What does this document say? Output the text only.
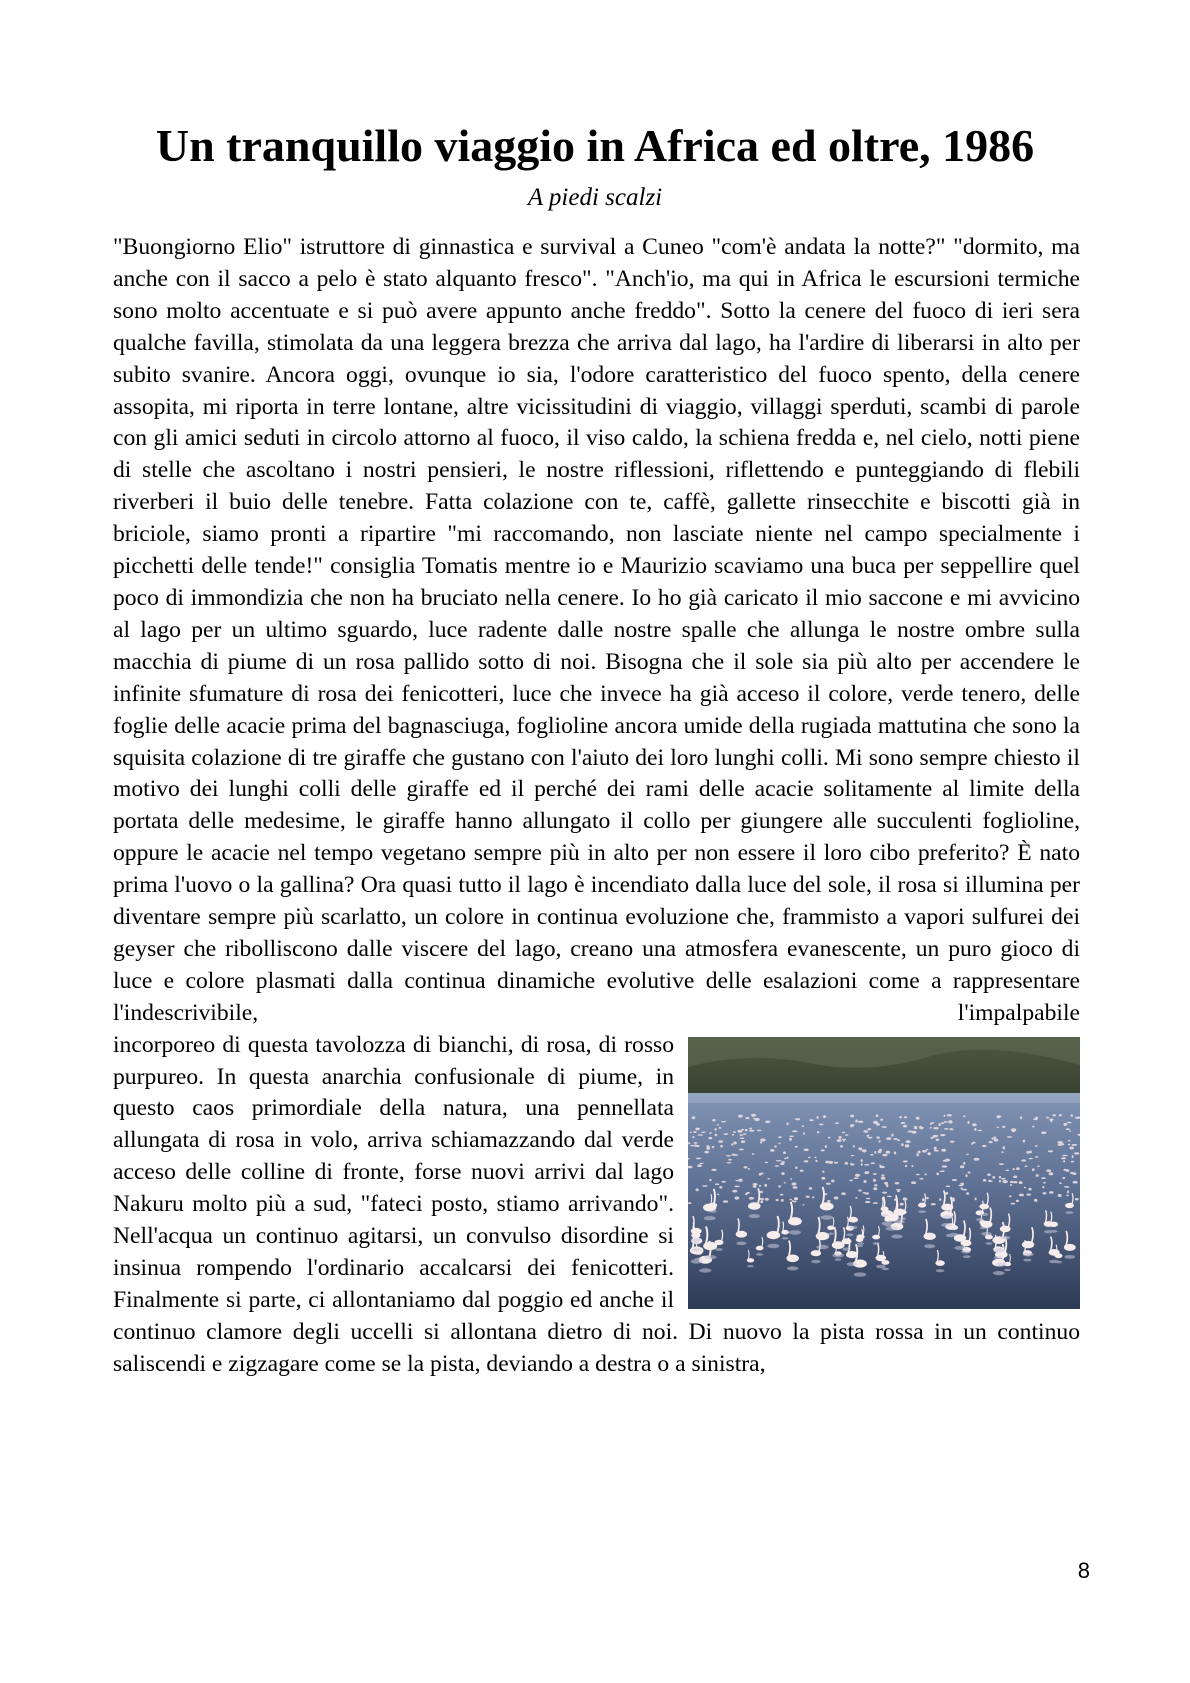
Un tranquillo viaggio in Africa ed oltre, 1986
A piedi scalzi

"Buongiorno Elio" istruttore di ginnastica e survival a Cuneo "com'è andata la notte?" "dormito, ma anche con il sacco a pelo è stato alquanto fresco". "Anch'io, ma qui in Africa le escursioni termiche sono molto accentuate e si può avere appunto anche freddo". Sotto la cenere del fuoco di ieri sera qualche favilla, stimolata da una leggera brezza che arriva dal lago, ha l'ardire di liberarsi in alto per subito svanire. Ancora oggi, ovunque io sia, l'odore caratteristico del fuoco spento, della cenere assopita, mi riporta in terre lontane, altre vicissitudini di viaggio, villaggi sperduti, scambi di parole con gli amici seduti in circolo attorno al fuoco, il viso caldo, la schiena fredda e, nel cielo, notti piene di stelle che ascoltano i nostri pensieri, le nostre riflessioni, riflettendo e punteggiando di flebili riverberi il buio delle tenebre. Fatta colazione con te, caffè, gallette rinsecchite e biscotti già in briciole, siamo pronti a ripartire "mi raccomando, non lasciate niente nel campo specialmente i picchetti delle tende!" consiglia Tomatis mentre io e Maurizio scaviamo una buca per seppellire quel poco di immondizia che non ha bruciato nella cenere. Io ho già caricato il mio saccone e mi avvicino al lago per un ultimo sguardo, luce radente dalle nostre spalle che allunga le nostre ombre sulla macchia di piume di un rosa pallido sotto di noi. Bisogna che il sole sia più alto per accendere le infinite sfumature di rosa dei fenicotteri, luce che invece ha già acceso il colore, verde tenero, delle foglie delle acacie prima del bagnasciuga, foglioline ancora umide della rugiada mattutina che sono la squisita colazione di tre giraffe che gustano con l'aiuto dei loro lunghi colli. Mi sono sempre chiesto il motivo dei lunghi colli delle giraffe ed il perché dei rami delle acacie solitamente al limite della portata delle medesime, le giraffe hanno allungato il collo per giungere alle succulenti foglioline, oppure le acacie nel tempo vegetano sempre più in alto per non essere il loro cibo preferito? È nato prima l'uovo o la gallina? Ora quasi tutto il lago è incendiato dalla luce del sole, il rosa si illumina per diventare sempre più scarlatto, un colore in continua evoluzione che, frammisto a vapori sulfurei dei geyser che ribolliscono dalle viscere del lago, creano una atmosfera evanescente, un puro gioco di luce e colore plasmati dalla continua dinamiche evolutive delle esalazioni come a rappresentare l'indescrivibile, l'impalpabile

incorporeo di questa tavolozza di bianchi, di rosa, di rosso purpureo. In questa anarchia confusionale di piume, in questo caos primordiale della natura, una pennellata allungata di rosa in volo, arriva schiamazzando dal verde acceso delle colline di fronte, forse nuovi arrivi dal lago Nakuru molto più a sud, "fateci posto, stiamo arrivando". Nell'acqua un continuo agitarsi, un convulso disordine si insinua rompendo l'ordinario accalcarsi dei fenicotteri. Finalmente si parte, ci allontaniamo dal poggio ed anche il continuo clamore degli uccelli si allontana dietro di noi. Di nuovo la pista rossa in un continuo saliscendi e zigzagare come se la pista, deviando a destra o a sinistra,

8
